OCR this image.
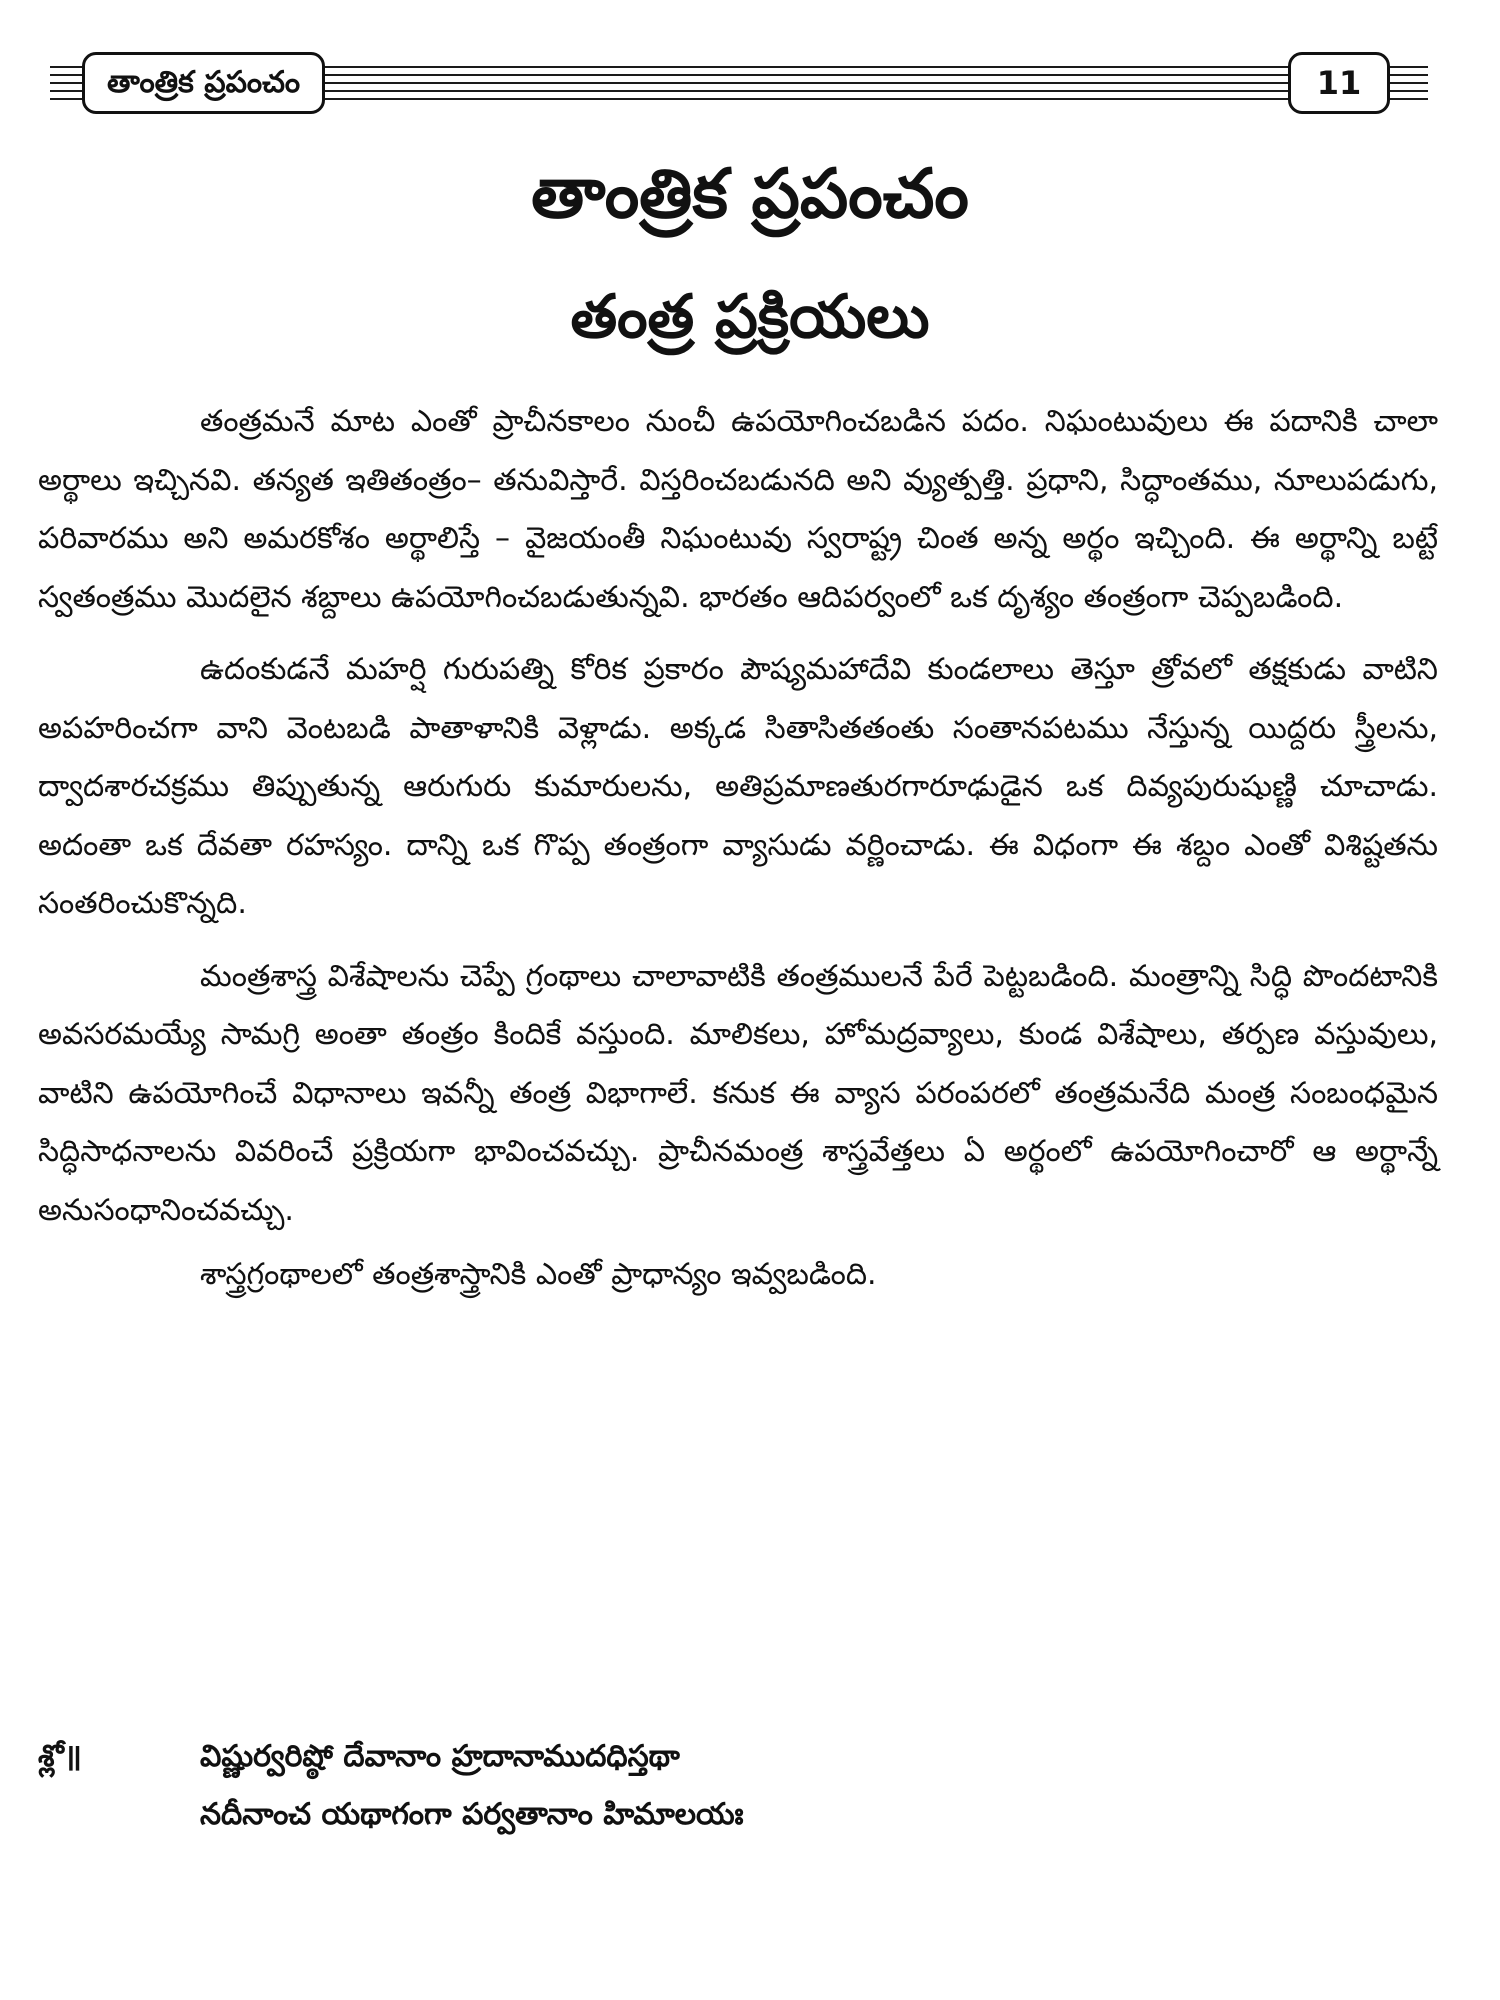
తాంత్రిక ప్రపంచం	11
తాంత్రిక ప్రపంచం
తంత్ర ప్రక్రియలు

తంత్రమనే మాట ఎంతో ప్రాచీనకాలం నుంచీ ఉపయోగించబడిన పదం. నిఘంటువులు ఈ పదానికి చాలా అర్థాలు ఇచ్చినవి. తన్యత ఇతితంత్రం– తనువిస్తారే. విస్తరించబడునది అని వ్యుత్పత్తి. ప్రధాని, సిద్ధాంతము, నూలుపడుగు, పరివారము అని అమరకోశం అర్థాలిస్తే – వైజయంతీ నిఘంటువు స్వరాష్ట్ర చింత అన్న అర్థం ఇచ్చింది. ఈ అర్థాన్ని బట్టే స్వతంత్రము మొదలైన శబ్దాలు ఉపయోగించబడుతున్నవి. భారతం ఆదిపర్వంలో ఒక దృశ్యం తంత్రంగా చెప్పబడింది.

ఉదంకుడనే మహర్షి గురుపత్ని కోరిక ప్రకారం పౌష్యమహాదేవి కుండలాలు తెస్తూ త్రోవలో తక్షకుడు వాటిని అపహరించగా వాని వెంటబడి పాతాళానికి వెళ్లాడు. అక్కడ సితాసితతంతు సంతానపటము నేస్తున్న యిద్దరు స్త్రీలను, ద్వాదశారచక్రము తిప్పుతున్న ఆరుగురు కుమారులను, అతిప్రమాణతురగారూఢుడైన ఒక దివ్యపురుషుణ్ణి చూచాడు. అదంతా ఒక దేవతా రహస్యం. దాన్ని ఒక గొప్ప తంత్రంగా వ్యాసుడు వర్ణించాడు. ఈ విధంగా ఈ శబ్దం ఎంతో విశిష్టతను సంతరించుకొన్నది.

మంత్రశాస్త్ర విశేషాలను చెప్పే గ్రంథాలు చాలావాటికి తంత్రములనే పేరే పెట్టబడింది. మంత్రాన్ని సిద్ధి పొందటానికి అవసరమయ్యే సామగ్రి అంతా తంత్రం కిందికే వస్తుంది. మాలికలు, హోమద్రవ్యాలు, కుండ విశేషాలు, తర్పణ వస్తువులు, వాటిని ఉపయోగించే విధానాలు ఇవన్నీ తంత్ర విభాగాలే. కనుక ఈ వ్యాస పరంపరలో తంత్రమనేది మంత్ర సంబంధమైన సిద్ధిసాధనాలను వివరించే ప్రక్రియగా భావించవచ్చు. ప్రాచీనమంత్ర శాస్త్రవేత్తలు ఏ అర్థంలో ఉపయోగించారో ఆ అర్థాన్నే అనుసంధానించవచ్చు.

శాస్త్రగ్రంథాలలో తంత్రశాస్త్రానికి ఎంతో ప్రాధాన్యం ఇవ్వబడింది.

శ్లో॥	విష్ణుర్వరిష్ఠో దేవానాం హ్రదానాముదధిస్తథా
నదీనాంచ యథాగంగా పర్వతానాం హిమాలయః
